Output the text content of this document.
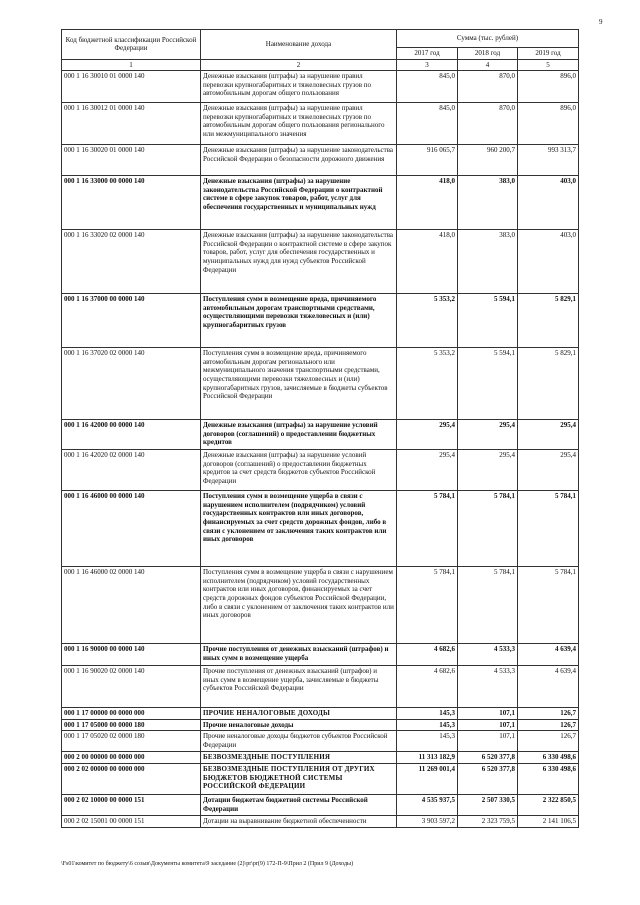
9
Код бюджетной классификации Российской Федерации	Наименование дохода	Сумма (тыс. рублей)		
		2017 год	2018 год	2019 год
1	2	3	4	5
000 1 16 30010 01 0000 140	Денежные взыскания (штрафы) за нарушение правил перевозки крупногабаритных и тяжеловесных грузов по автомобильным дорогам общего пользования	845,0	870,0	896,0
000 1 16 30012 01 0000 140	Денежные взыскания (штрафы) за нарушение правил перевозки крупногабаритных и тяжеловесных грузов по автомобильным дорогам общего пользования регионального или межмуниципального значения	845,0	870,0	896,0
000 1 16 30020 01 0000 140	Денежные взыскания (штрафы) за нарушение законодательства Российской Федерации о безопасности дорожного движения	916 065,7	960 200,7	993 313,7
000 1 16 33000 00 0000 140	Денежные взыскания (штрафы) за нарушение законодательства Российской Федерации о контрактной системе в сфере закупок товаров, работ, услуг для обеспечения государственных и муниципальных нужд	418,0	383,0	403,0
000 1 16 33020 02 0000 140	Денежные взыскания (штрафы) за нарушение законодательства Российской Федерации о контрактной системе в сфере закупок товаров, работ, услуг для обеспечения государственных и муниципальных нужд для нужд субъектов Российской Федерации	418,0	383,0	403,0
000 1 16 37000 00 0000 140	Поступления сумм в возмещение вреда, причиняемого автомобильным дорогам транспортными средствами, осуществляющими перевозки тяжеловесных и (или) крупногабаритных грузов	5 353,2	5 594,1	5 829,1
000 1 16 37020 02 0000 140	Поступления сумм в возмещение вреда, причиняемого автомобильным дорогам регионального или межмуниципального значения транспортными средствами, осуществляющими перевозки тяжеловесных и (или) крупногабаритных грузов, зачисляемые в бюджеты субъектов Российской Федерации	5 353,2	5 594,1	5 829,1
000 1 16 42000 00 0000 140	Денежные взыскания (штрафы) за нарушение условий договоров (соглашений) о предоставлении бюджетных кредитов	295,4	295,4	295,4
000 1 16 42020 02 0000 140	Денежные взыскания (штрафы) за нарушение условий договоров (соглашений) о предоставлении бюджетных кредитов за счет средств бюджетов субъектов Российской Федерации	295,4	295,4	295,4
000 1 16 46000 00 0000 140	Поступления сумм в возмещение ущерба в связи с нарушением исполнителем (подрядчиком) условий государственных контрактов или иных договоров, финансируемых за счет средств дорожных фондов, либо в связи с уклонением от заключения таких контрактов или иных договоров	5 784,1	5 784,1	5 784,1
000 1 16 46000 02 0000 140	Поступления сумм в возмещение ущерба в связи с нарушением исполнителем (подрядчиком) условий государственных контрактов или иных договоров, финансируемых за счет средств дорожных фондов субъектов Российской Федерации, либо в связи с уклонением от заключения таких контрактов или иных договоров	5 784,1	5 784,1	5 784,1
000 1 16 90000 00 0000 140	Прочие поступления от денежных взысканий (штрафов) и иных сумм в возмещение ущерба	4 682,6	4 533,3	4 639,4
000 1 16 90020 02 0000 140	Прочие поступления от денежных взысканий (штрафов) и иных сумм в возмещение ущерба, зачисляемые в бюджеты субъектов Российской Федерации	4 682,6	4 533,3	4 639,4
000 1 17 00000 00 0000 000	ПРОЧИЕ НЕНАЛОГОВЫЕ ДОХОДЫ	145,3	107,1	126,7
000 1 17 05000 00 0000 180	Прочие неналоговые доходы	145,3	107,1	126,7
000 1 17 05020 02 0000 180	Прочие неналоговые доходы бюджетов субъектов Российской Федерации	145,3	107,1	126,7
000 2 00 00000 00 0000 000	БЕЗВОЗМЕЗДНЫЕ ПОСТУПЛЕНИЯ	11 313 182,9	6 520 377,8	6 330 498,6
000 2 02 00000 00 0000 000	БЕЗВОЗМЕЗДНЫЕ ПОСТУПЛЕНИЯ ОТ ДРУГИХ БЮДЖЕТОВ БЮДЖЕТНОЙ СИСТЕМЫ РОССИЙСКОЙ ФЕДЕРАЦИИ	11 269 001,4	6 520 377,8	6 330 498,6
000 2 02 10000 00 0000 151	Дотации бюджетам бюджетной системы Российской Федерации	4 535 937,5	2 507 330,5	2 322 850,5
000 2 02 15001 00 0000 151	Дотации на выравнивание бюджетной обеспеченности	3 903 597,2	2 323 759,5	2 141 106,5
\Fs01\комитет по бюджету\6 созыв\Документы комитета\9 заседание (2)\pr\pr(9) 172-П-9\Прил 2 (Прил 9 (Доходы)
